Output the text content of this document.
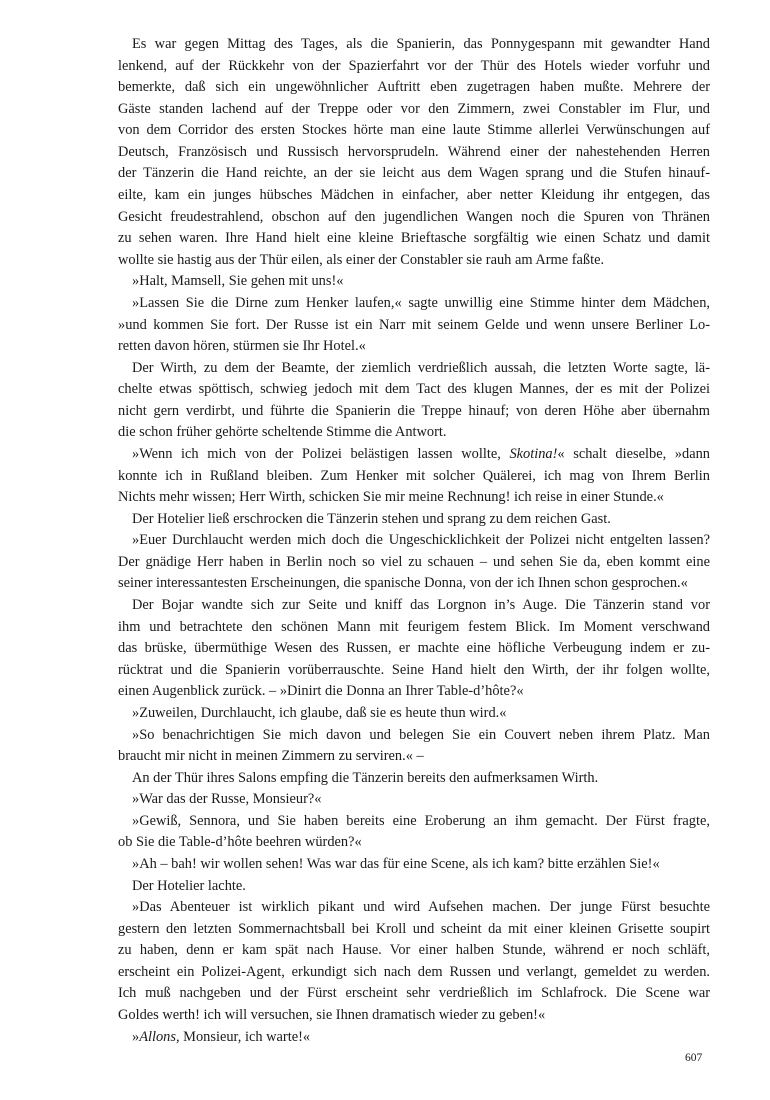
Es war gegen Mittag des Tages, als die Spanierin, das Ponnygespann mit gewandter Hand
lenkend, auf der Rückkehr von der Spazierfahrt vor der Thür des Hotels wieder vorfuhr und
bemerkte, daß sich ein ungewöhnlicher Auftritt eben zugetragen haben mußte. Mehrere der
Gäste standen lachend auf der Treppe oder vor den Zimmern, zwei Constabler im Flur, und
von dem Corridor des ersten Stockes hörte man eine laute Stimme allerlei Verwünschungen auf
Deutsch, Französisch und Russisch hervorsprudeln. Während einer der nahestehenden Herren
der Tänzerin die Hand reichte, an der sie leicht aus dem Wagen sprang und die Stufen hinauf-
eilte, kam ein junges hübsches Mädchen in einfacher, aber netter Kleidung ihr entgegen, das
Gesicht freudestrahlend, obschon auf den jugendlichen Wangen noch die Spuren von Thränen
zu sehen waren. Ihre Hand hielt eine kleine Brieftasche sorgfältig wie einen Schatz und damit
wollte sie hastig aus der Thür eilen, als einer der Constabler sie rauh am Arme faßte.
»Halt, Mamsell, Sie gehen mit uns!«
»Lassen Sie die Dirne zum Henker laufen,« sagte unwillig eine Stimme hinter dem Mädchen,
»und kommen Sie fort. Der Russe ist ein Narr mit seinem Gelde und wenn unsere Berliner Lo-
retten davon hören, stürmen sie Ihr Hotel.«
Der Wirth, zu dem der Beamte, der ziemlich verdrießlich aussah, die letzten Worte sagte, lä-
chelte etwas spöttisch, schwieg jedoch mit dem Tact des klugen Mannes, der es mit der Polizei
nicht gern verdirbt, und führte die Spanierin die Treppe hinauf; von deren Höhe aber übernahm
die schon früher gehörte scheltende Stimme die Antwort.
»Wenn ich mich von der Polizei belästigen lassen wollte, Skotina!« schalt dieselbe, »dann
konnte ich in Rußland bleiben. Zum Henker mit solcher Quälerei, ich mag von Ihrem Berlin
Nichts mehr wissen; Herr Wirth, schicken Sie mir meine Rechnung! ich reise in einer Stunde.«
Der Hotelier ließ erschrocken die Tänzerin stehen und sprang zu dem reichen Gast.
»Euer Durchlaucht werden mich doch die Ungeschicklichkeit der Polizei nicht entgelten lassen?
Der gnädige Herr haben in Berlin noch so viel zu schauen – und sehen Sie da, eben kommt eine
seiner interessantesten Erscheinungen, die spanische Donna, von der ich Ihnen schon gesprochen.«
Der Bojar wandte sich zur Seite und kniff das Lorgnon in’s Auge. Die Tänzerin stand vor
ihm und betrachtete den schönen Mann mit feurigem festem Blick. Im Moment verschwand
das brüske, übermüthige Wesen des Russen, er machte eine höfliche Verbeugung indem er zu-
rücktrat und die Spanierin vorüberrauschte. Seine Hand hielt den Wirth, der ihr folgen wollte,
einen Augenblick zurück. – »Dinirt die Donna an Ihrer Table-d’hôte?«
»Zuweilen, Durchlaucht, ich glaube, daß sie es heute thun wird.«
»So benachrichtigen Sie mich davon und belegen Sie ein Couvert neben ihrem Platz. Man
braucht mir nicht in meinen Zimmern zu serviren.« –
An der Thür ihres Salons empfing die Tänzerin bereits den aufmerksamen Wirth.
»War das der Russe, Monsieur?«
»Gewiß, Sennora, und Sie haben bereits eine Eroberung an ihm gemacht. Der Fürst fragte,
ob Sie die Table-d’hôte beehren würden?«
»Ah – bah! wir wollen sehen! Was war das für eine Scene, als ich kam? bitte erzählen Sie!«
Der Hotelier lachte.
»Das Abenteuer ist wirklich pikant und wird Aufsehen machen. Der junge Fürst besuchte
gestern den letzten Sommernachtsball bei Kroll und scheint da mit einer kleinen Grisette soupirt
zu haben, denn er kam spät nach Hause. Vor einer halben Stunde, während er noch schläft,
erscheint ein Polizei-Agent, erkundigt sich nach dem Russen und verlangt, gemeldet zu werden.
Ich muß nachgeben und der Fürst erscheint sehr verdrießlich im Schlafrock. Die Scene war
Goldes werth! ich will versuchen, sie Ihnen dramatisch wieder zu geben!«
»Allons, Monsieur, ich warte!«
607
